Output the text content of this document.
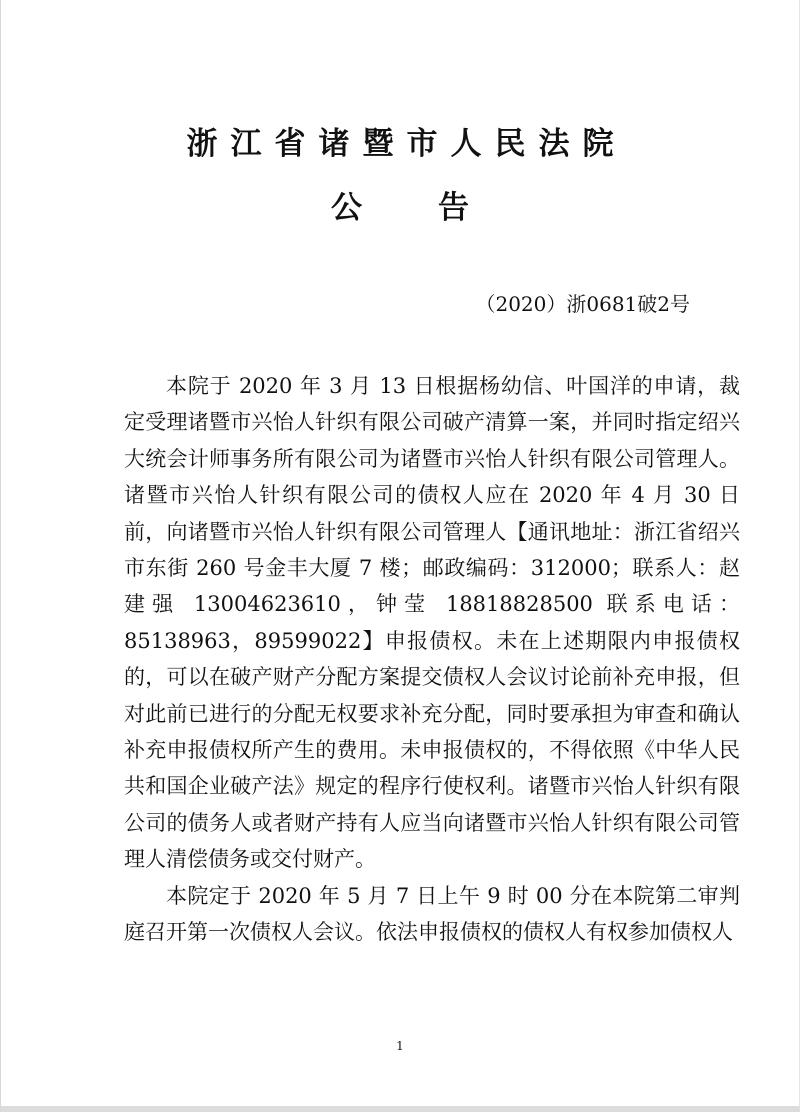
浙江省诸暨市人民法院
公告
（2020）浙0681破2号

本院于 2020 年 3 月 13 日根据杨幼信、叶国洋的申请，裁定受理诸暨市兴怡人针织有限公司破产清算一案，并同时指定绍兴大统会计师事务所有限公司为诸暨市兴怡人针织有限公司管理人。诸暨市兴怡人针织有限公司的债权人应在 2020 年 4 月 30 日前，向诸暨市兴怡人针织有限公司管理人【通讯地址：浙江省绍兴市东街 260 号金丰大厦 7 楼；邮政编码：312000；联系人：赵建强 13004623610，钟莹 18818828500 联系电话：85138963，89599022】申报债权。未在上述期限内申报债权的，可以在破产财产分配方案提交债权人会议讨论前补充申报，但对此前已进行的分配无权要求补充分配，同时要承担为审查和确认补充申报债权所产生的费用。未申报债权的，不得依照《中华人民共和国企业破产法》规定的程序行使权利。诸暨市兴怡人针织有限公司的债务人或者财产持有人应当向诸暨市兴怡人针织有限公司管理人清偿债务或交付财产。

本院定于 2020 年 5 月 7 日上午 9 时 00 分在本院第二审判庭召开第一次债权人会议。依法申报债权的债权人有权参加债权人

1
